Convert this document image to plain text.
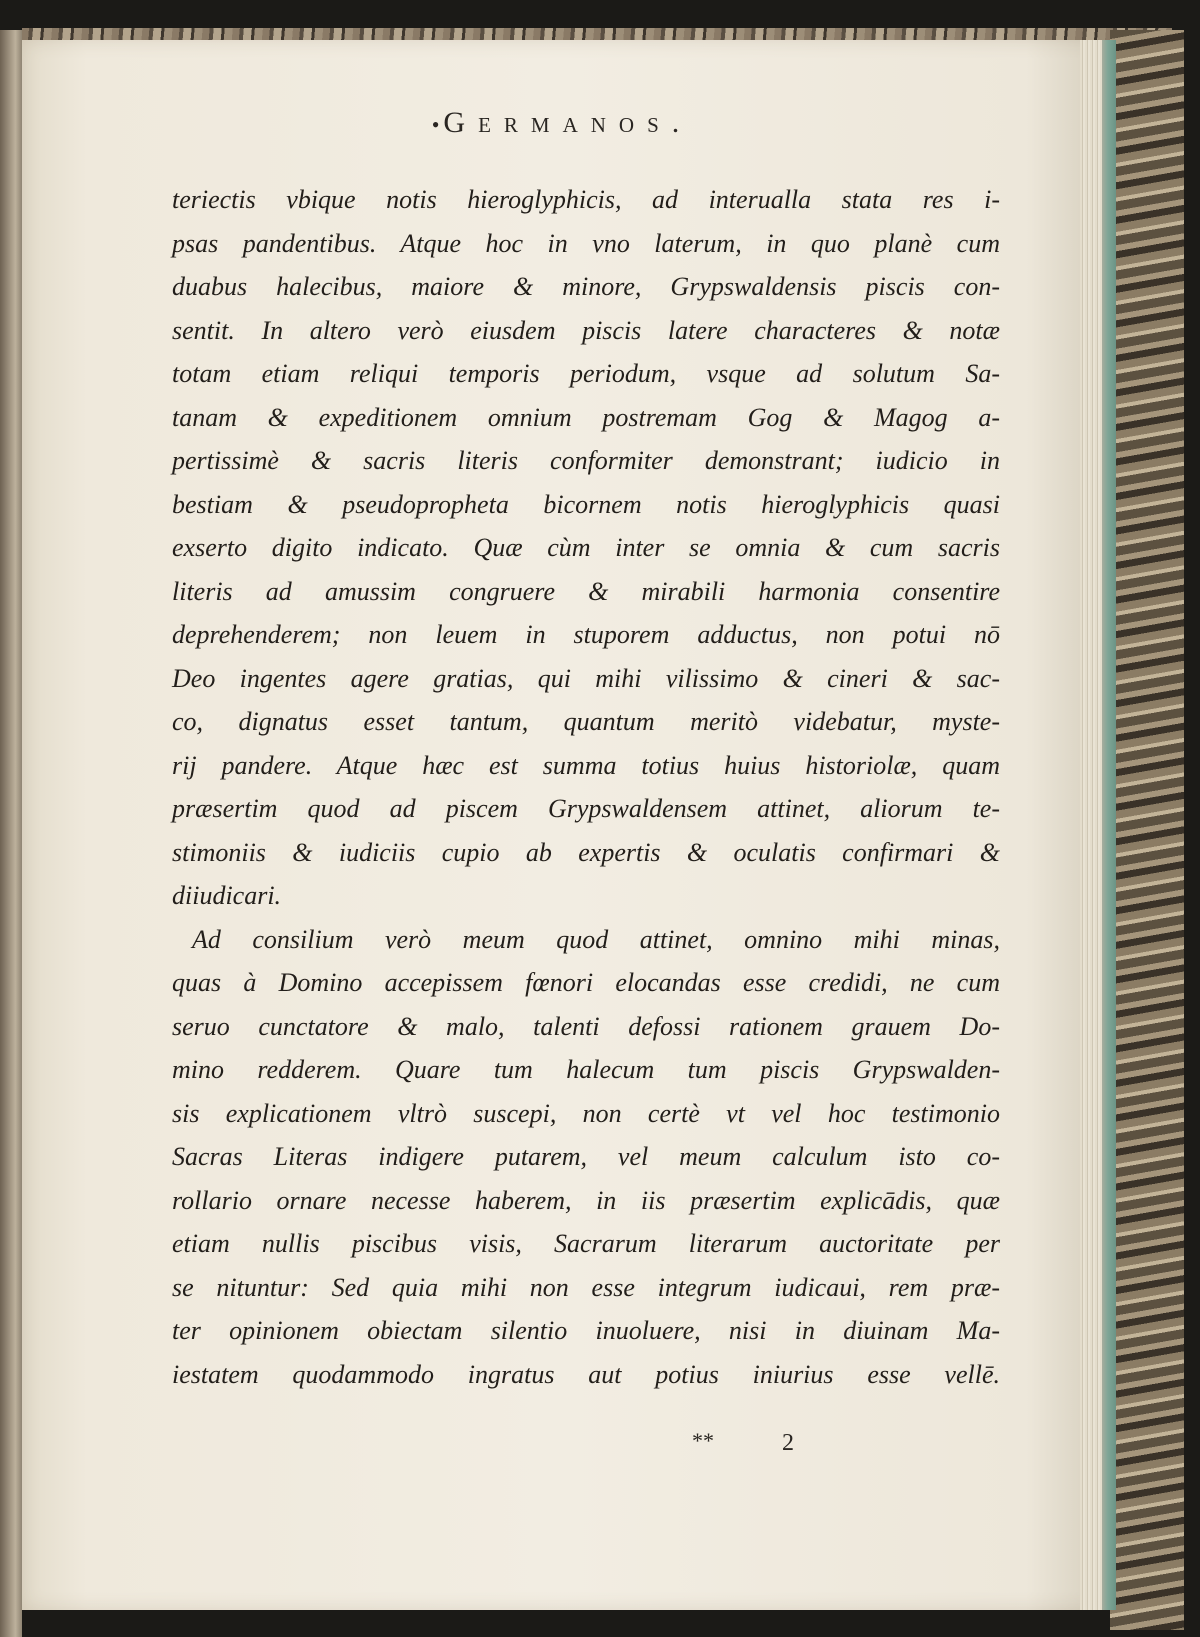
• Germanos.
teriectis vbique notis hieroglyphicis, ad interualla stata res i-
psas pandentibus. Atque hoc in vno laterum, in quo planè cum
duabus halecibus, maiore & minore, Grypswaldensis piscis con-
sentit. In altero verò eiusdem piscis latere characteres & notæ
totam etiam reliqui temporis periodum, vsque ad solutum Sa-
tanam & expeditionem omnium postremam Gog & Magog a-
pertissimè & sacris literis conformiter demonstrant; iudicio in
bestiam & pseudopropheta bicornem notis hieroglyphicis quasi
exserto digito indicato. Quæ cùm inter se omnia & cum sacris
literis ad amussim congruere & mirabili harmonia consentire
deprehenderem; non leuem in stuporem adductus, non potui nō
Deo ingentes agere gratias, qui mihi vilissimo & cineri & sac-
co, dignatus esset tantum, quantum meritò videbatur, myste-
rij pandere. Atque hæc est summa totius huius historiolæ, quam
præsertim quod ad piscem Grypswaldensem attinet, aliorum te-
stimoniis & iudiciis cupio ab expertis & oculatis confirmari &
diiudicari.
Ad consilium verò meum quod attinet, omnino mihi minas,
quas à Domino accepissem fœnori elocandas esse credidi, ne cum
seruo cunctatore & malo, talenti defossi rationem grauem Do-
mino redderem. Quare tum halecum tum piscis Grypswalden-
sis explicationem vltrò suscepi, non certè vt vel hoc testimonio
Sacras Literas indigere putarem, vel meum calculum isto co-
rollario ornare necesse haberem, in iis præsertim explicādis, quæ
etiam nullis piscibus visis, Sacrarum literarum auctoritate per
se nituntur: Sed quia mihi non esse integrum iudicaui, rem præ-
ter opinionem obiectam silentio inuoluere, nisi in diuinam Ma-
iestatem quodammodo ingratus aut potius iniurius esse vellē.
**	2
